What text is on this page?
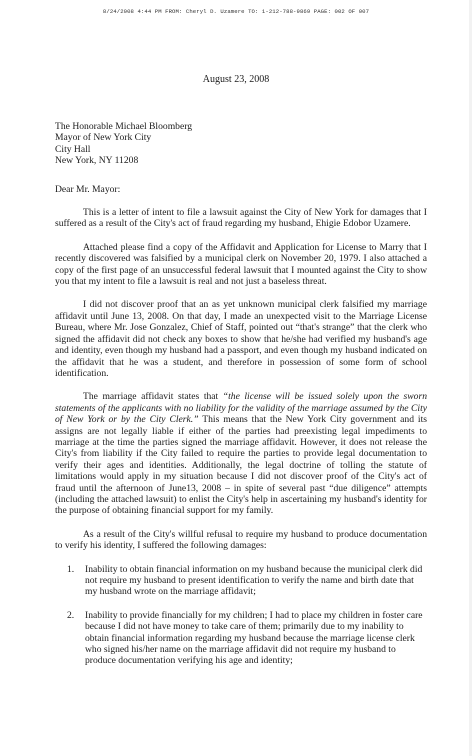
8/24/2008 4:44 PM FROM: Cheryl D. Uzamere TO: 1-212-788-9869 PAGE: 002 OF 007
August 23, 2008
The Honorable Michael Bloomberg
Mayor of New York City
City Hall
New York, NY 11208
Dear Mr. Mayor:

This is a letter of intent to file a lawsuit against the City of New York for damages that I suffered as a result of the City's act of fraud regarding my husband, Ehigie Edobor Uzamere.

Attached please find a copy of the Affidavit and Application for License to Marry that I recently discovered was falsified by a municipal clerk on November 20, 1979. I also attached a copy of the first page of an unsuccessful federal lawsuit that I mounted against the City to show you that my intent to file a lawsuit is real and not just a baseless threat.

I did not discover proof that an as yet unknown municipal clerk falsified my marriage affidavit until June 13, 2008. On that day, I made an unexpected visit to the Marriage License Bureau, where Mr. Jose Gonzalez, Chief of Staff, pointed out “that's strange” that the clerk who signed the affidavit did not check any boxes to show that he/she had verified my husband's age and identity, even though my husband had a passport, and even though my husband indicated on the affidavit that he was a student, and therefore in possession of some form of school identification.

The marriage affidavit states that “the license will be issued solely upon the sworn statements of the applicants with no liability for the validity of the marriage assumed by the City of New York or by the City Clerk.” This means that the New York City government and its assigns are not legally liable if either of the parties had preexisting legal impediments to marriage at the time the parties signed the marriage affidavit. However, it does not release the City's from liability if the City failed to require the parties to provide legal documentation to verify their ages and identities. Additionally, the legal doctrine of tolling the statute of limitations would apply in my situation because I did not discover proof of the City's act of fraud until the afternoon of June13, 2008 – in spite of several past “due diligence” attempts (including the attached lawsuit) to enlist the City's help in ascertaining my husband's identity for the purpose of obtaining financial support for my family.

As a result of the City's willful refusal to require my husband to produce documentation to verify his identity, I suffered the following damages:

1. Inability to obtain financial information on my husband because the municipal clerk did not require my husband to present identification to verify the name and birth date that my husband wrote on the marriage affidavit;
2. Inability to provide financially for my children; I had to place my children in foster care because I did not have money to take care of them; primarily due to my inability to obtain financial information regarding my husband because the marriage license clerk who signed his/her name on the marriage affidavit did not require my husband to produce documentation verifying his age and identity;
